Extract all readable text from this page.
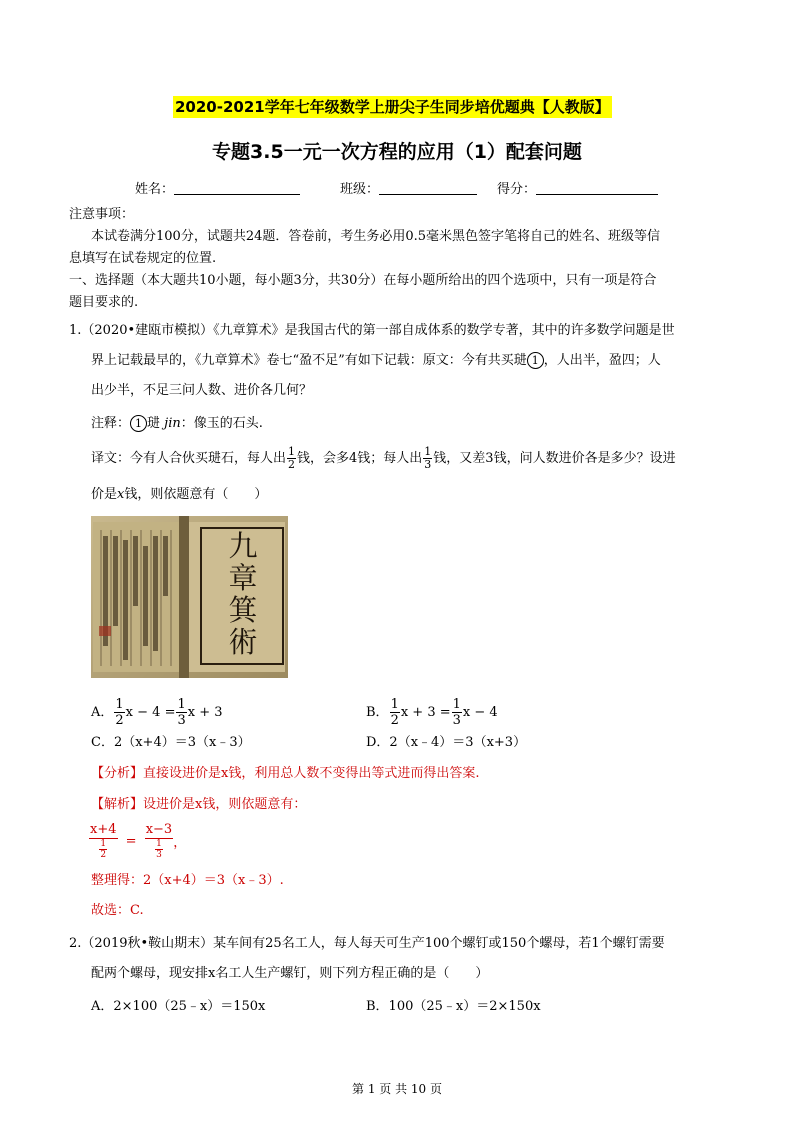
2020-2021学年七年级数学上册尖子生同步培优题典【人教版】
专题3.5一元一次方程的应用（1）配套问题
姓名：	班级：	得分：
注意事项：
本试卷满分100分，试题共24题．答卷前，考生务必用0.5毫米黑色签字笔将自己的姓名、班级等信
息填写在试卷规定的位置.
一、选择题（本大题共10小题，每小题3分，共30分）在每小题所给出的四个选项中，只有一项是符合
题目要求的.
1.（2020•建瓯市模拟）《九章算术》是我国古代的第一部自成体系的数学专著，其中的许多数学问题是世
界上记载最早的，《九章算术》卷七“盈不足”有如下记载：原文：今有共买琎 1 ，人出半，盈四；人
出少半，不足三问人数、进价各几何？
注释： 1 琎 jin：像玉的石头.
译文：今有人合伙买琎石，每人出 $\frac{1}{2}$ 钱，会多4钱；每人出 $\frac{1}{3}$ 钱，又差3钱，问人数进价各是多少？设进
价是x钱，则依题意有（　　）
九
章
箕
術
A． $\frac{1}{2}$ $x - 4 = \frac{1}{3}$ x + 3	B． $\frac{1}{2}$ $x + 3 = \frac{1}{3}$ x − 4
C．2（x+4）＝3（x﹣3）	D．2（x﹣4）＝3（x+3）
【分析】直接设进价是x钱，利用总人数不变得出等式进而得出答案.
【解析】设进价是x钱，则依题意有：
x+4
$\frac{1}{2}$ =
x−3
$\frac{1}{3}$ ，
整理得：2（x+4）＝3（x﹣3）.
故选：C.
2.（2019秋•鞍山期末）某车间有25名工人，每人每天可生产100个螺钉或150个螺母，若1个螺钉需要
配两个螺母，现安排x名工人生产螺钉，则下列方程正确的是（　　）
A．2×100（25﹣x）＝150x	B．100（25﹣x）＝2×150x
第 1 页 共 10 页
